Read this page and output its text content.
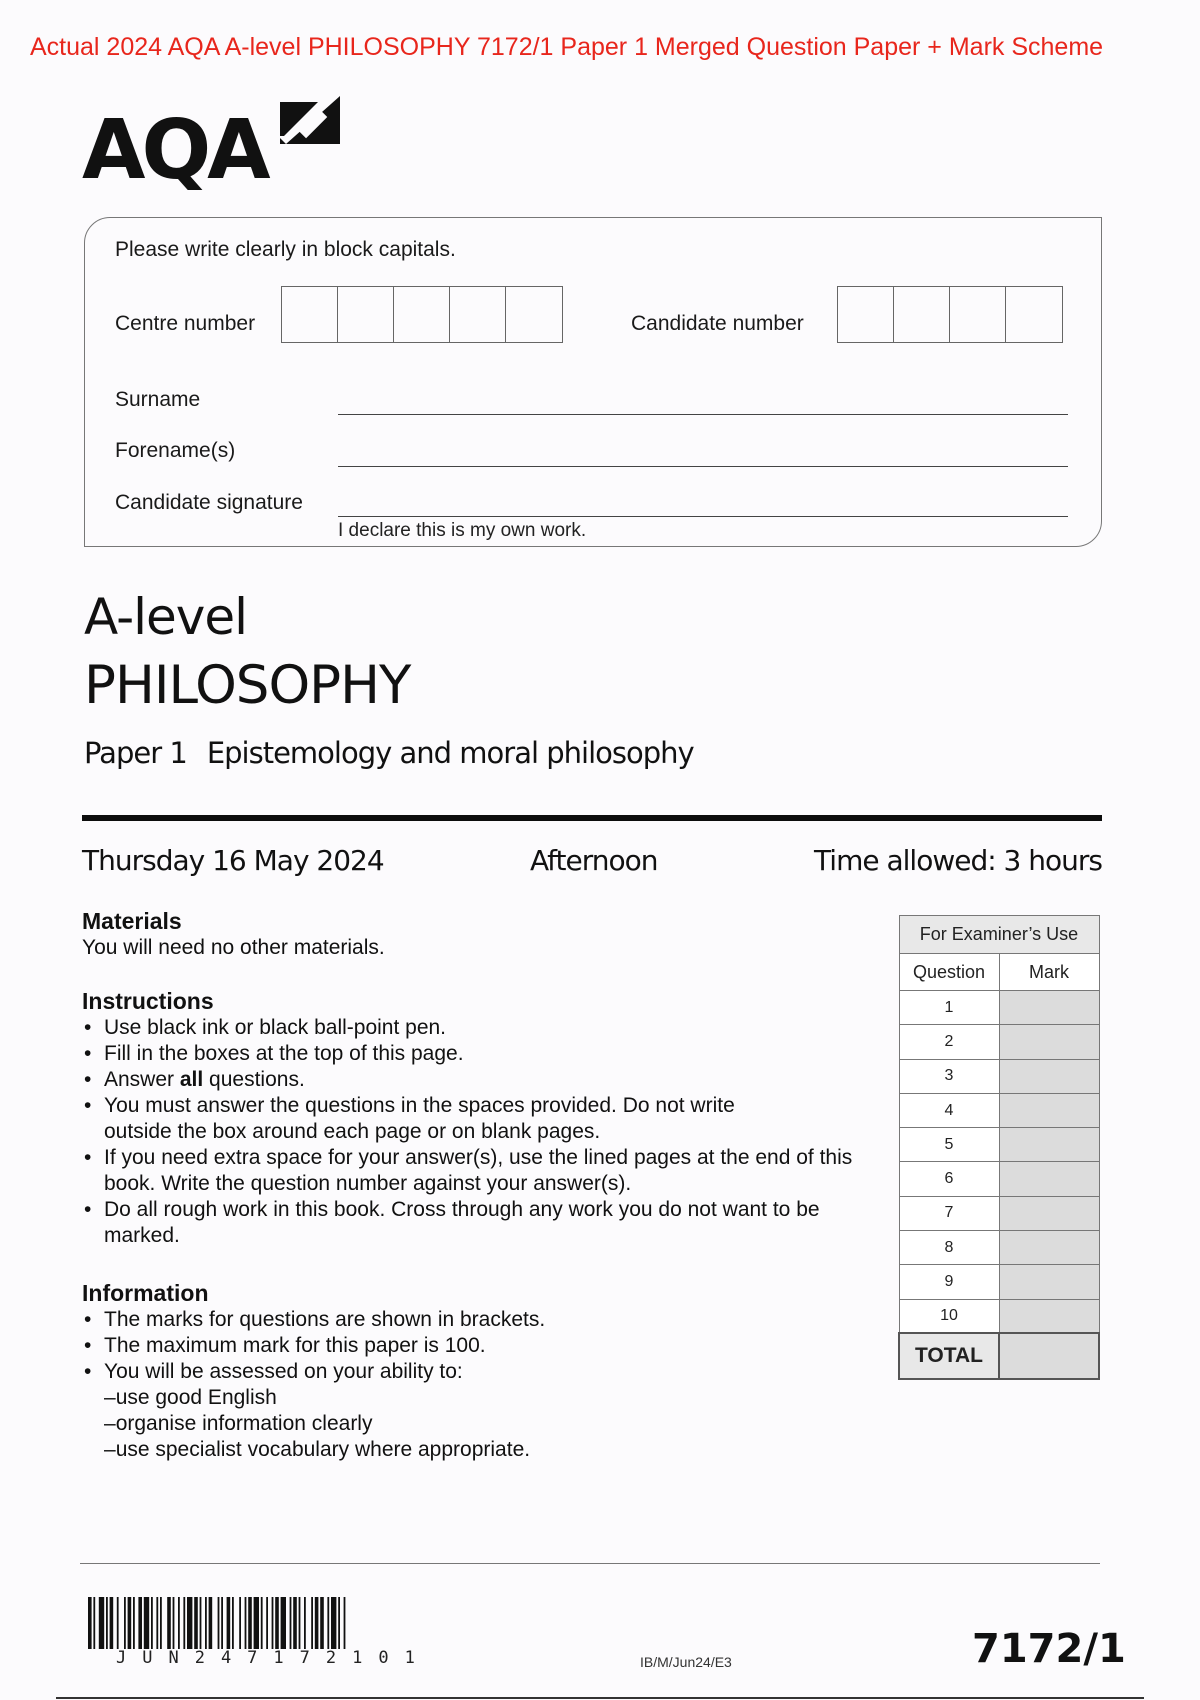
Actual 2024 AQA A-level PHILOSOPHY 7172/1 Paper 1 Merged Question Paper + Mark Scheme
AQA
Please write clearly in block capitals.
Centre number	Candidate number
Surname
Forename(s)
Candidate signature
I declare this is my own work.
A-level
PHILOSOPHY
Paper 1 Epistemology and moral philosophy
Thursday 16 May 2024	Afternoon	Time allowed: 3 hours
Materials
You will need no other materials.
Instructions
• Use black ink or black ball-point pen.
• Fill in the boxes at the top of this page.
• Answer all questions.
• You must answer the questions in the spaces provided. Do not write outside the box around each page or on blank pages.
• If you need extra space for your answer(s), use the lined pages at the end of this book. Write the question number against your answer(s).
• Do all rough work in this book. Cross through any work you do not want to be marked.
Information
• The marks for questions are shown in brackets.
• The maximum mark for this paper is 100.
• You will be assessed on your ability to:
– use good English
– organise information clearly
– use specialist vocabulary where appropriate.
For Examiner’s Use	
Question	Mark
1	
2	
3	
4	
5	
6	
7	
8	
9	
10	
TOTAL	
JUN247172101	IB/M/Jun24/E3	7172/1
